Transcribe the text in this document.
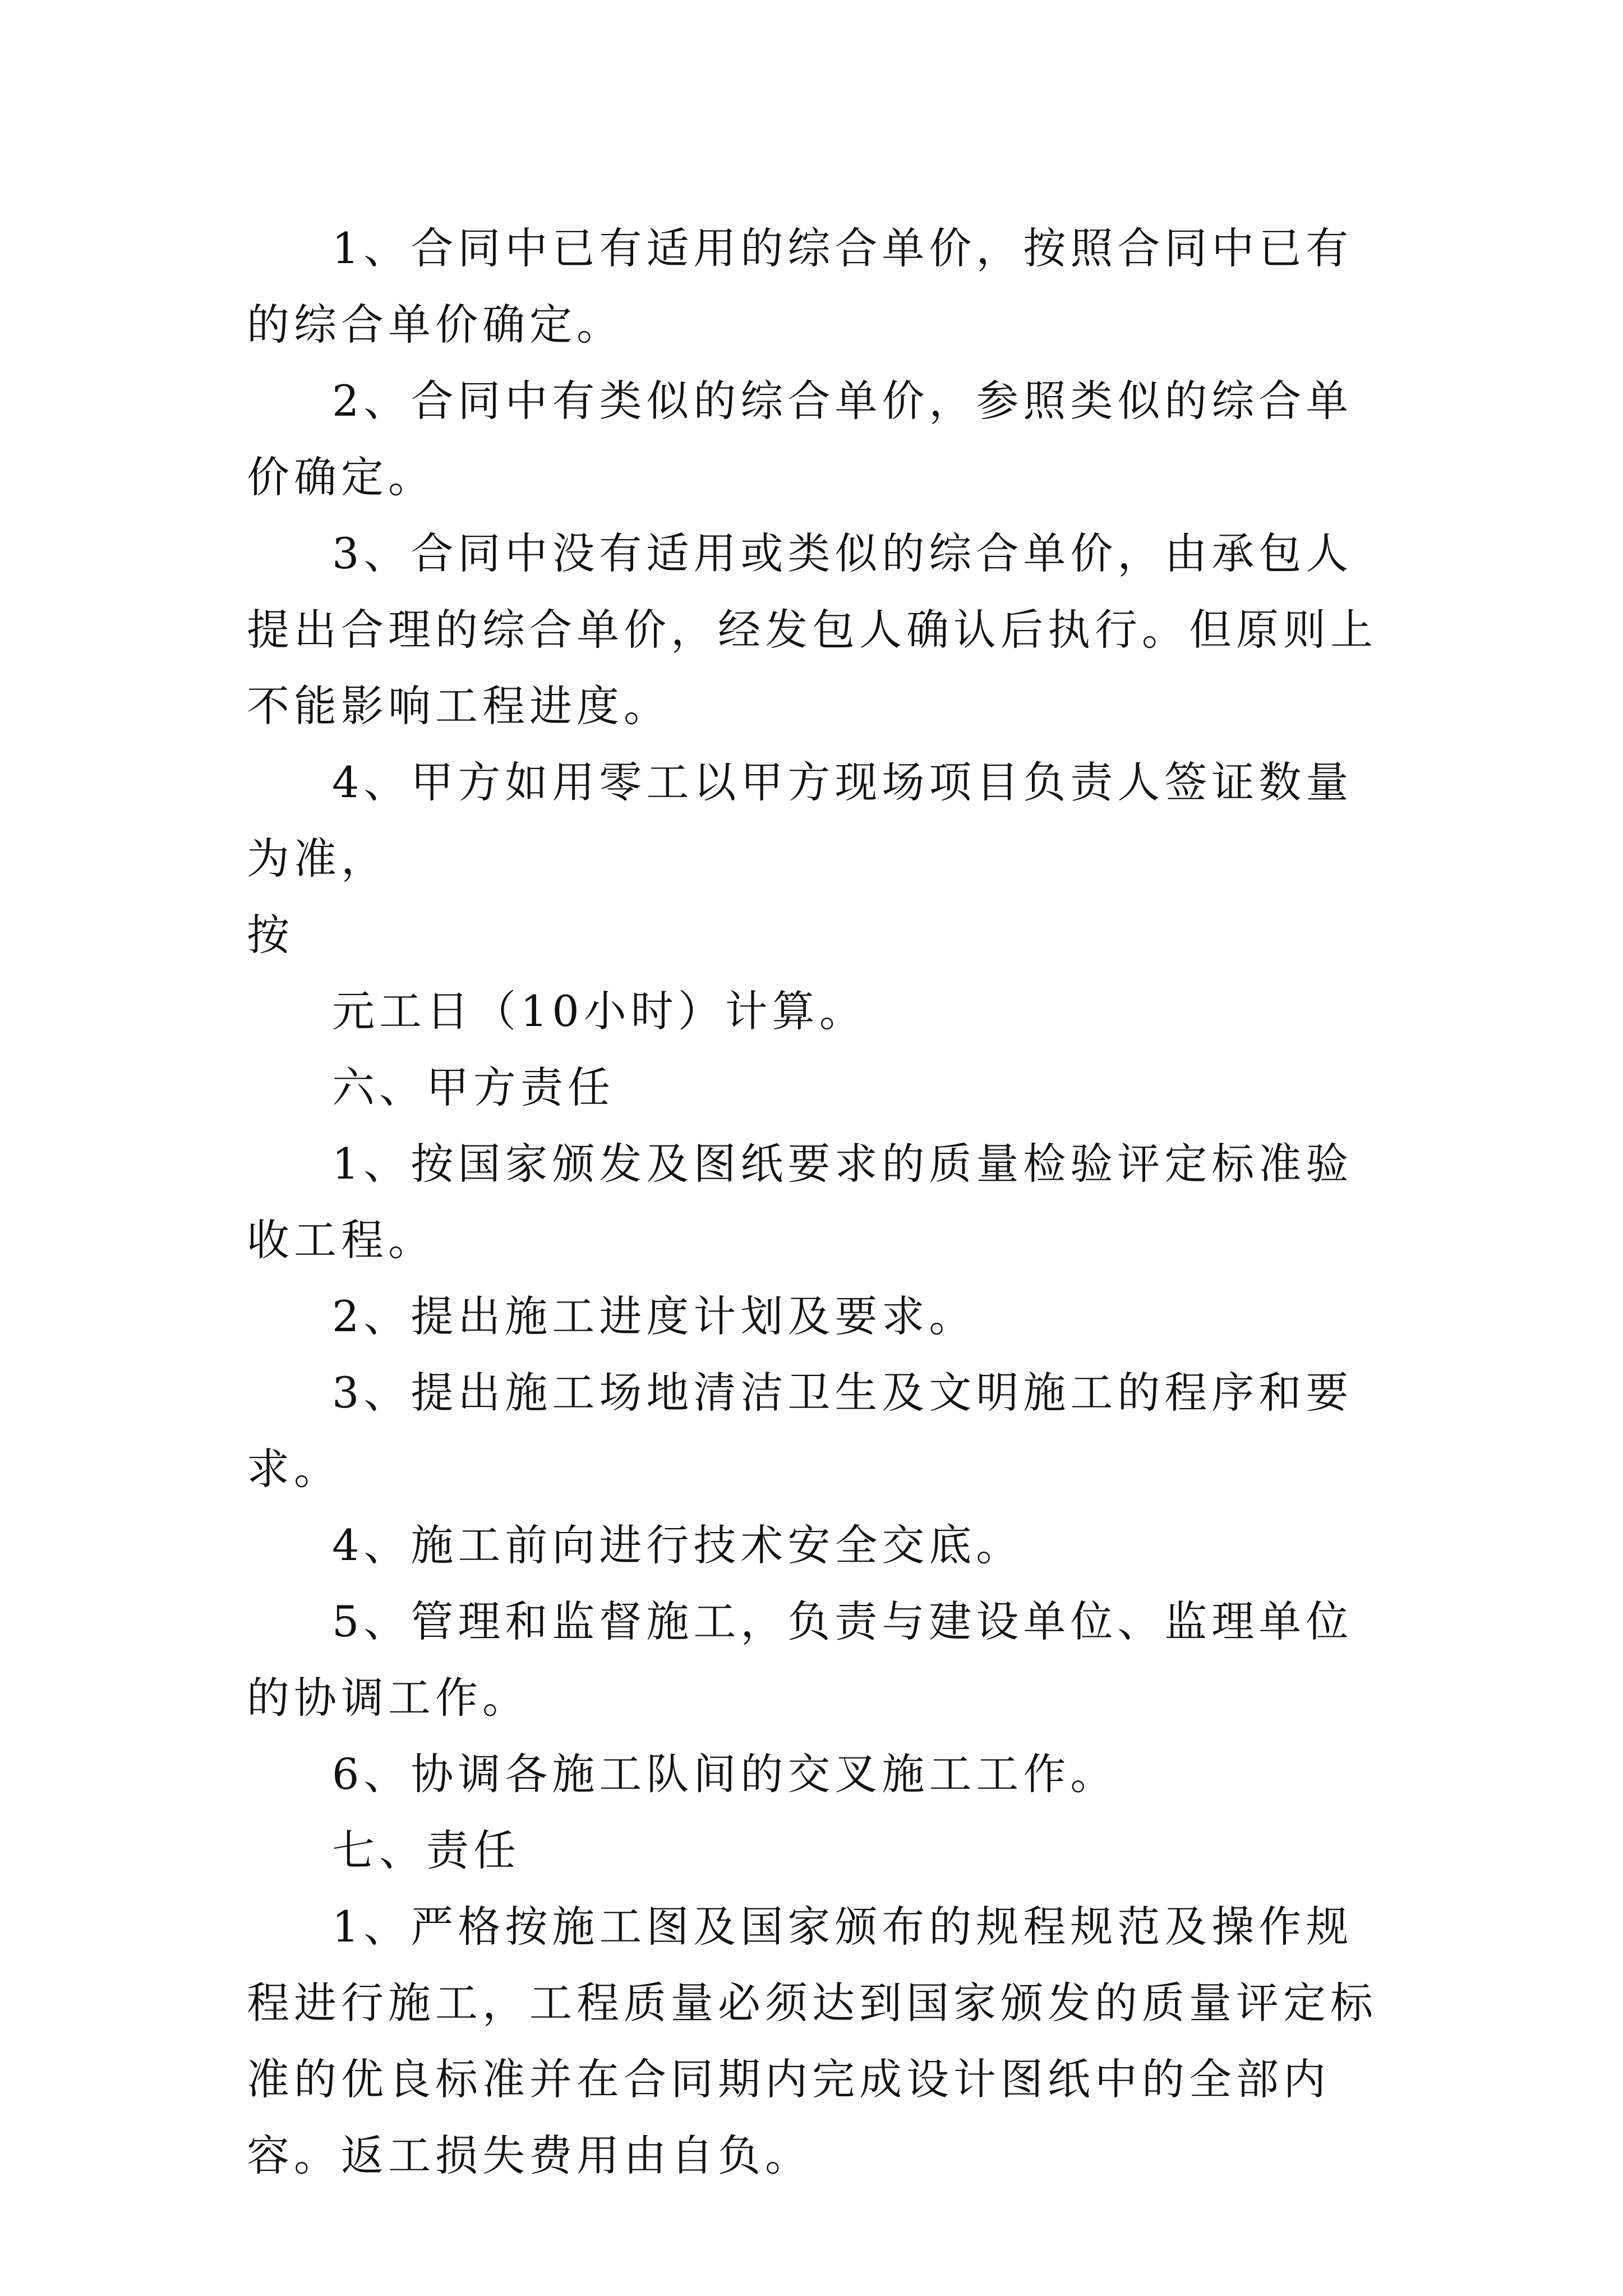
1、合同中已有适用的综合单价，按照合同中已有的综合单价确定。

2、合同中有类似的综合单价，参照类似的综合单价确定。

3、合同中没有适用或类似的综合单价，由承包人提出合理的综合单价，经发包人确认后执行。但原则上不能影响工程进度。

4、甲方如用零工以甲方现场项目负责人签证数量为准，

按

元工日（10小时）计算。

六、甲方责任

1、按国家颁发及图纸要求的质量检验评定标准验收工程。

2、提出施工进度计划及要求。

3、提出施工场地清洁卫生及文明施工的程序和要求。

4、施工前向进行技术安全交底。

5、管理和监督施工，负责与建设单位、监理单位的协调工作。

6、协调各施工队间的交叉施工工作。

七、责任

1、严格按施工图及国家颁布的规程规范及操作规程进行施工，工程质量必须达到国家颁发的质量评定标准的优良标准并在合同期内完成设计图纸中的全部内容。返工损失费用由自负。
